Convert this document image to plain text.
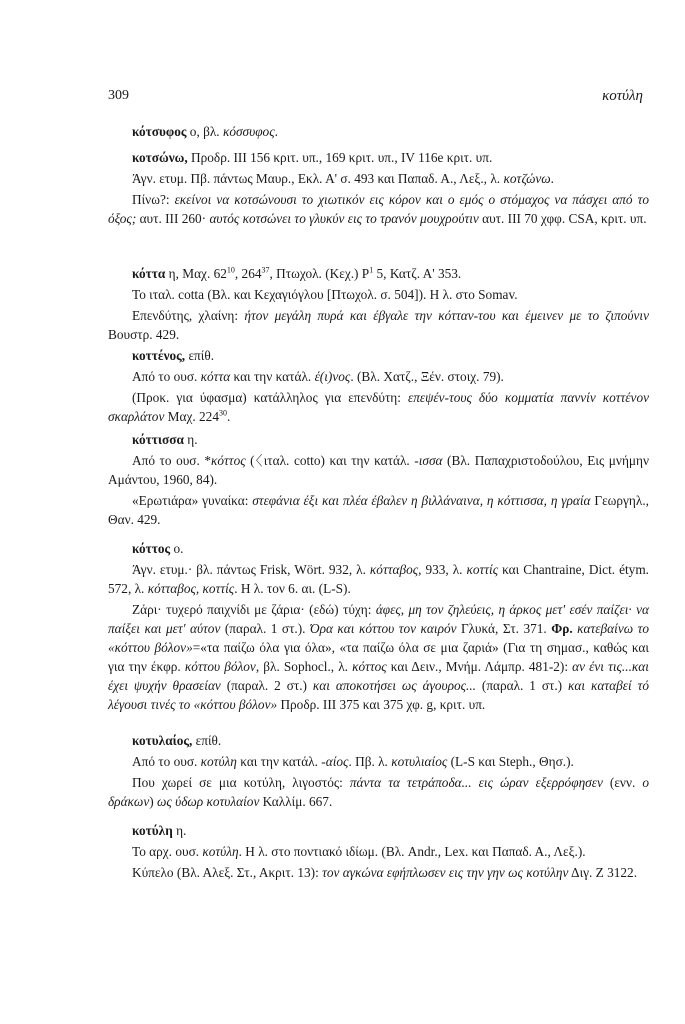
309	κοτύλη

κότσυφος ο, βλ. κόσσυφος.

κοτσώνω, Προδρ. ΙΙΙ 156 κριτ. υπ., 169 κριτ. υπ., IV 116e κριτ. υπ.

Άγν. ετυμ. Πβ. πάντως Μαυρ., Εκλ. Α' σ. 493 και Παπαδ. Α., Λεξ., λ. κοτζώνω.

Πίνω?: εκείνοι να κοτσώνουσι το χιωτικόν εις κόρον και ο εμός ο στόμαχος να πάσχει από το όξος; αυτ. ΙΙΙ 260· αυτός κοτσώνει το γλυκύν εις το τρανόν μουχρούτιν αυτ. ΙΙΙ 70 χφφ. CSA, κριτ. υπ.

κόττα η, Μαχ. $62^{10}$, $264^{37}$, Πτωχολ. (Κεχ.) $P^1$ 5, Κατζ. Α' 353.

Το ιταλ. cotta (Βλ. και Κεχαγιόγλου [Πτωχολ. σ. 504]). Η λ. στο Somav.

Επενδύτης, χλαίνη: ήτον μεγάλη πυρά και έβγαλε την κότταν-του και έμεινεν με το ζιπούνιν Βουστρ. 429.

κοττένος, επίθ.

Από το ουσ. κόττα και την κατάλ. έ(ι)νος. (Βλ. Χατζ., Ξέν. στοιχ. 79).

(Προκ. για ύφασμα) κατάλληλος για επενδύτη: επεψέν-τους δύο κομματία παννίν κοττένον σκαρλάτον Μαχ. $224^{30}$.

κόττισσα η.

Από το ουσ. *κόττος (〈ιταλ. cotto) και την κατάλ. -ισσα (Βλ. Παπαχριστοδούλου, Εις μνήμην Αμάντου, 1960, 84).

«Ερωτιάρα» γυναίκα: στεφάνια έξι και πλέα έβαλεν η βιλλάναινα, η κόττισσα, η γραία Γεωργηλ., Θαν. 429.

κόττος ο.

Άγν. ετυμ.· βλ. πάντως Frisk, Wört. 932, λ. κότταβος, 933, λ. κοττίς και Chantraine, Dict. étym. 572, λ. κότταβος, κοττίς. Η λ. τον 6. αι. (L-S).

Ζάρι· τυχερό παιχνίδι με ζάρια· (εδώ) τύχη: άφες, μη τον ζηλεύεις, η άρκος μετ' εσέν παίζει· να παίξει και μετ' αύτον (παραλ. 1 στ.). Όρα και κόττου τον καιρόν Γλυκά, Στ. 371. Φρ. κατεβαίνω το «κόττου βόλον»=«τα παίζω όλα για όλα», «τα παίζω όλα σε μια ζαριά» (Για τη σημασ., καθώς και για την έκφρ. κόττου βόλον, βλ. Sophocl., λ. κόττος και Δειν., Μνήμ. Λάμπρ. 481-2): αν ένι τις...και έχει ψυχήν θρασείαν (παραλ. 2 στ.) και αποκοτήσει ως άγουρος... (παραλ. 1 στ.) και καταβεί τό λέγουσι τινές το «κόττου βόλον» Προδρ. ΙΙΙ 375 και 375 χφ. g, κριτ. υπ.

κοτυλαίος, επίθ.

Από το ουσ. κοτύλη και την κατάλ. -αίος. Πβ. λ. κοτυλιαίος (L-S και Steph., Θησ.).

Που χωρεί σε μια κοτύλη, λιγοστός: πάντα τα τετράποδα... εις ώραν εξερρόφησεν (ενν. ο δράκων) ως ύδωρ κοτυλαίον Καλλίμ. 667.

κοτύλη η.

Το αρχ. ουσ. κοτύλη. Η λ. στο ποντιακό ιδίωμ. (Βλ. Andr., Lex. και Παπαδ. Α., Λεξ.).

Κύπελο (Βλ. Αλεξ. Στ., Ακριτ. 13): τον αγκώνα εφήπλωσεν εις την γην ως κοτύλην Διγ. Ζ 3122.
